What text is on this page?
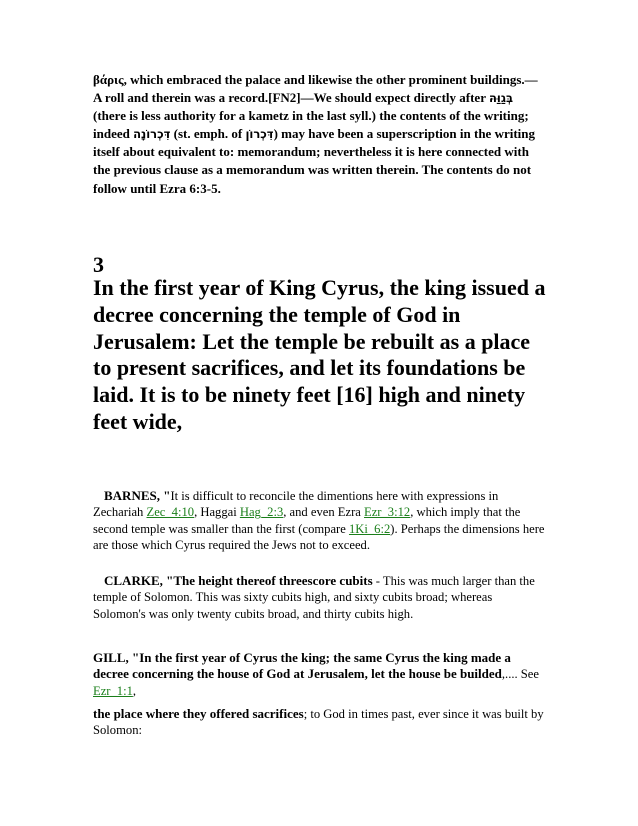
βάρις, which embraced the palace and likewise the other prominent buildings.—A roll and therein was a record.[FN2]—We should expect directly after בְּגַוַּהּ (there is less authority for a kametz in the last syll.) the contents of the writing; indeed דִּכְרוֹנָה (st. emph. of דִּכְרוֹן) may have been a superscription in the writing itself about equivalent to: memorandum; nevertheless it is here connected with the previous clause as a memorandum was written therein. The contents do not follow until Ezra 6:3-5.
3
In the first year of King Cyrus, the king issued a decree concerning the temple of God in Jerusalem: Let the temple be rebuilt as a place to present sacrifices, and let its foundations be laid. It is to be ninety feet [16] high and ninety feet wide,
BARNES, "It is difficult to reconcile the dimentions here with expressions in Zechariah Zec_4:10, Haggai Hag_2:3, and even Ezra Ezr_3:12, which imply that the second temple was smaller than the first (compare 1Ki_6:2). Perhaps the dimensions here are those which Cyrus required the Jews not to exceed.
CLARKE, "The height thereof threescore cubits - This was much larger than the temple of Solomon. This was sixty cubits high, and sixty cubits broad; whereas Solomon's was only twenty cubits broad, and thirty cubits high.
GILL, "In the first year of Cyrus the king; the same Cyrus the king made a decree concerning the house of God at Jerusalem, let the house be builded,.... See Ezr_1:1,
the place where they offered sacrifices; to God in times past, ever since it was built by Solomon:
